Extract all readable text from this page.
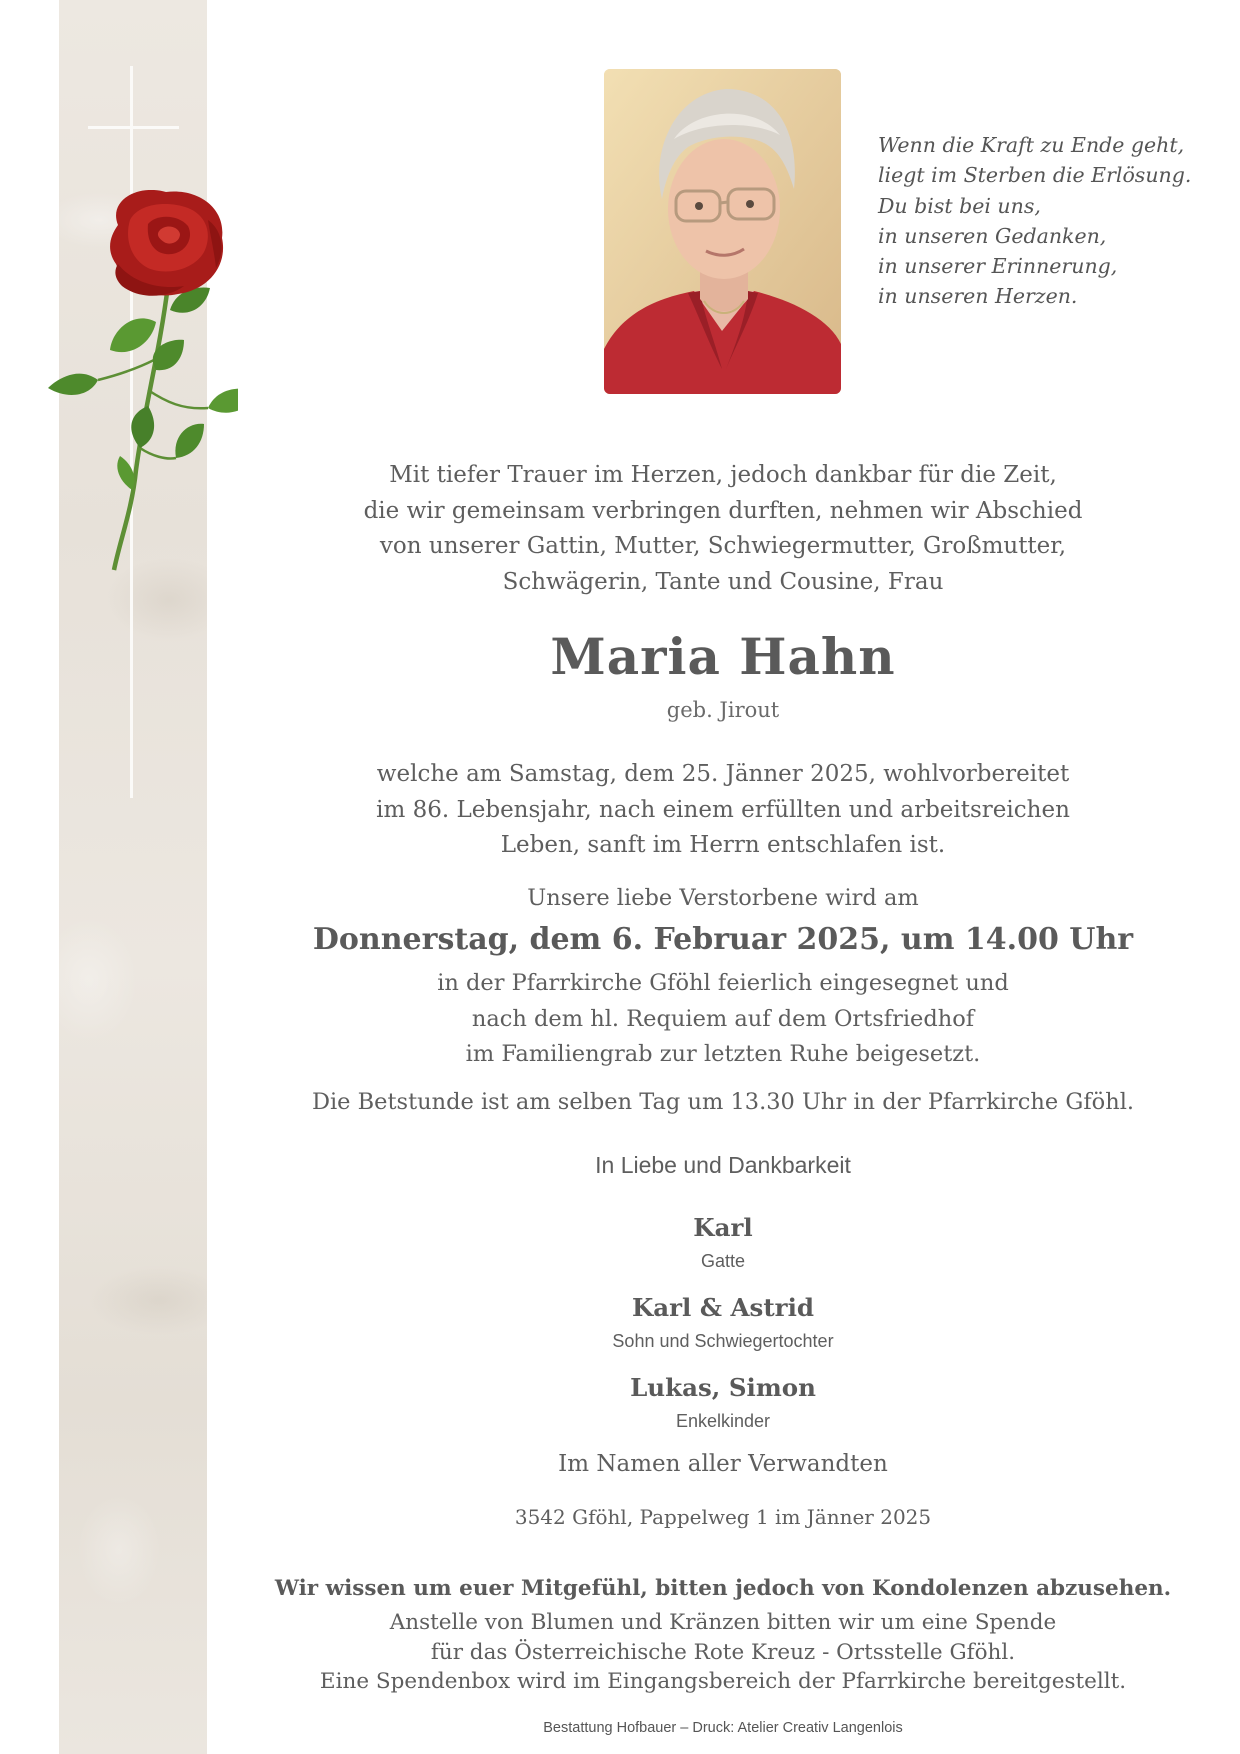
Wenn die Kraft zu Ende geht,
liegt im Sterben die Erlösung.
Du bist bei uns,
in unseren Gedanken,
in unserer Erinnerung,
in unseren Herzen.
Mit tiefer Trauer im Herzen, jedoch dankbar für die Zeit,
die wir gemeinsam verbringen durften, nehmen wir Abschied
von unserer Gattin, Mutter, Schwiegermutter, Großmutter,
Schwägerin, Tante und Cousine, Frau
Maria Hahn
geb. Jirout
welche am Samstag, dem 25. Jänner 2025, wohlvorbereitet
im 86. Lebensjahr, nach einem erfüllten und arbeitsreichen
Leben, sanft im Herrn entschlafen ist.
Unsere liebe Verstorbene wird am
Donnerstag, dem 6. Februar 2025, um 14.00 Uhr
in der Pfarrkirche Gföhl feierlich eingesegnet und
nach dem hl. Requiem auf dem Ortsfriedhof
im Familiengrab zur letzten Ruhe beigesetzt.
Die Betstunde ist am selben Tag um 13.30 Uhr in der Pfarrkirche Gföhl.
In Liebe und Dankbarkeit
Karl
Gatte
Karl & Astrid
Sohn und Schwiegertochter
Lukas, Simon
Enkelkinder
Im Namen aller Verwandten
3542 Gföhl, Pappelweg 1 im Jänner 2025
Wir wissen um euer Mitgefühl, bitten jedoch von Kondolenzen abzusehen.
Anstelle von Blumen und Kränzen bitten wir um eine Spende
für das Österreichische Rote Kreuz - Ortsstelle Gföhl.
Eine Spendenbox wird im Eingangsbereich der Pfarrkirche bereitgestellt.
Bestattung Hofbauer – Druck: Atelier Creativ Langenlois
